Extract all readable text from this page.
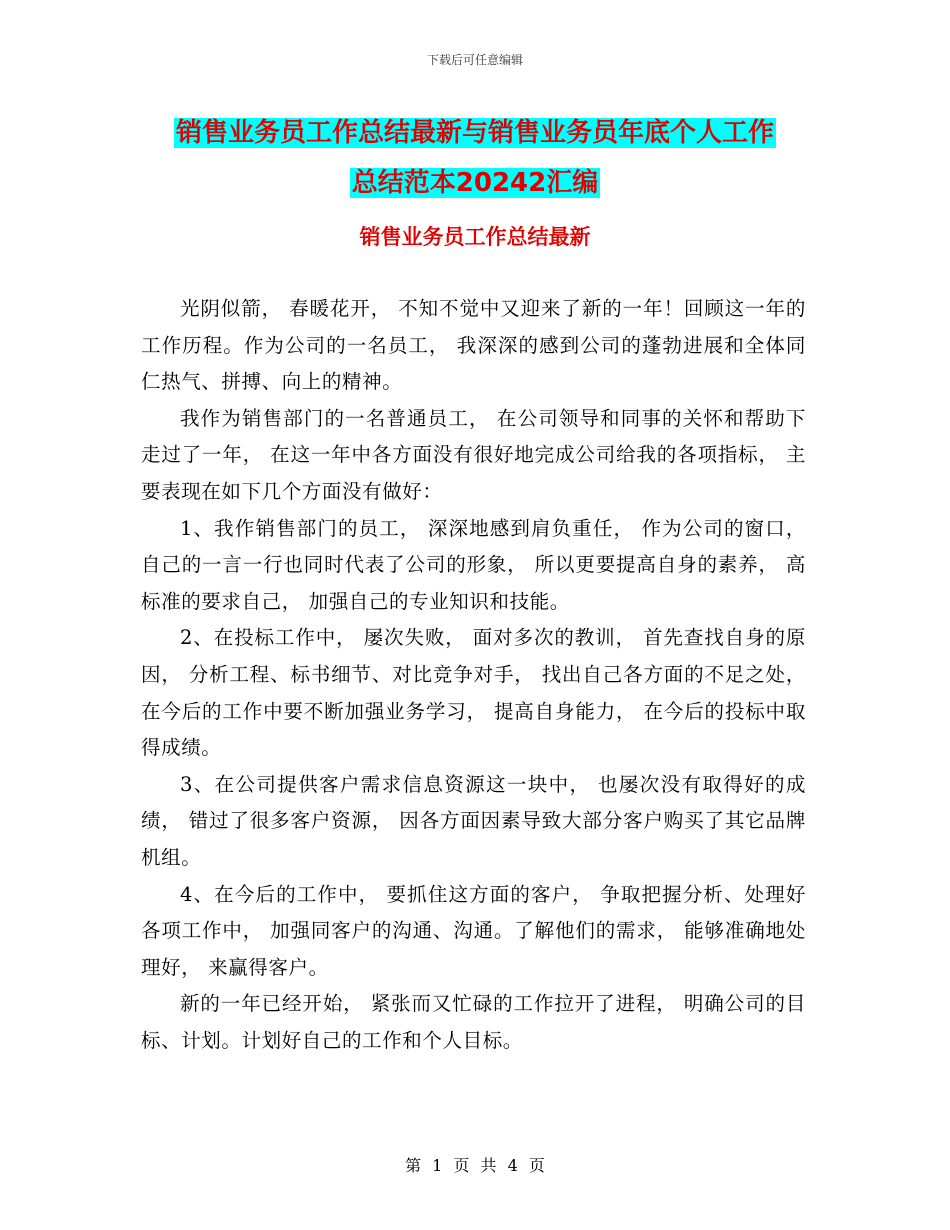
下载后可任意编辑
销售业务员工作总结最新与销售业务员年底个人工作
总结范本20242汇编
销售业务员工作总结最新

光阴似箭， 春暖花开， 不知不觉中又迎来了新的一年！回顾这一年的工作历程。作为公司的一名员工， 我深深的感到公司的蓬勃进展和全体同仁热气、拼搏、向上的精神。

我作为销售部门的一名普通员工， 在公司领导和同事的关怀和帮助下走过了一年， 在这一年中各方面没有很好地完成公司给我的各项指标， 主要表现在如下几个方面没有做好：

1、我作销售部门的员工， 深深地感到肩负重任， 作为公司的窗口， 自己的一言一行也同时代表了公司的形象， 所以更要提高自身的素养， 高标准的要求自己， 加强自己的专业知识和技能。

2、在投标工作中， 屡次失败， 面对多次的教训， 首先查找自身的原因， 分析工程、标书细节、对比竞争对手， 找出自己各方面的不足之处， 在今后的工作中要不断加强业务学习， 提高自身能力， 在今后的投标中取得成绩。

3、在公司提供客户需求信息资源这一块中， 也屡次没有取得好的成绩， 错过了很多客户资源， 因各方面因素导致大部分客户购买了其它品牌机组。

4、在今后的工作中， 要抓住这方面的客户， 争取把握分析、处理好各项工作中， 加强同客户的沟通、沟通。了解他们的需求， 能够准确地处理好， 来赢得客户。

新的一年已经开始， 紧张而又忙碌的工作拉开了进程， 明确公司的目标、计划。计划好自己的工作和个人目标。

第 1 页 共 4 页
